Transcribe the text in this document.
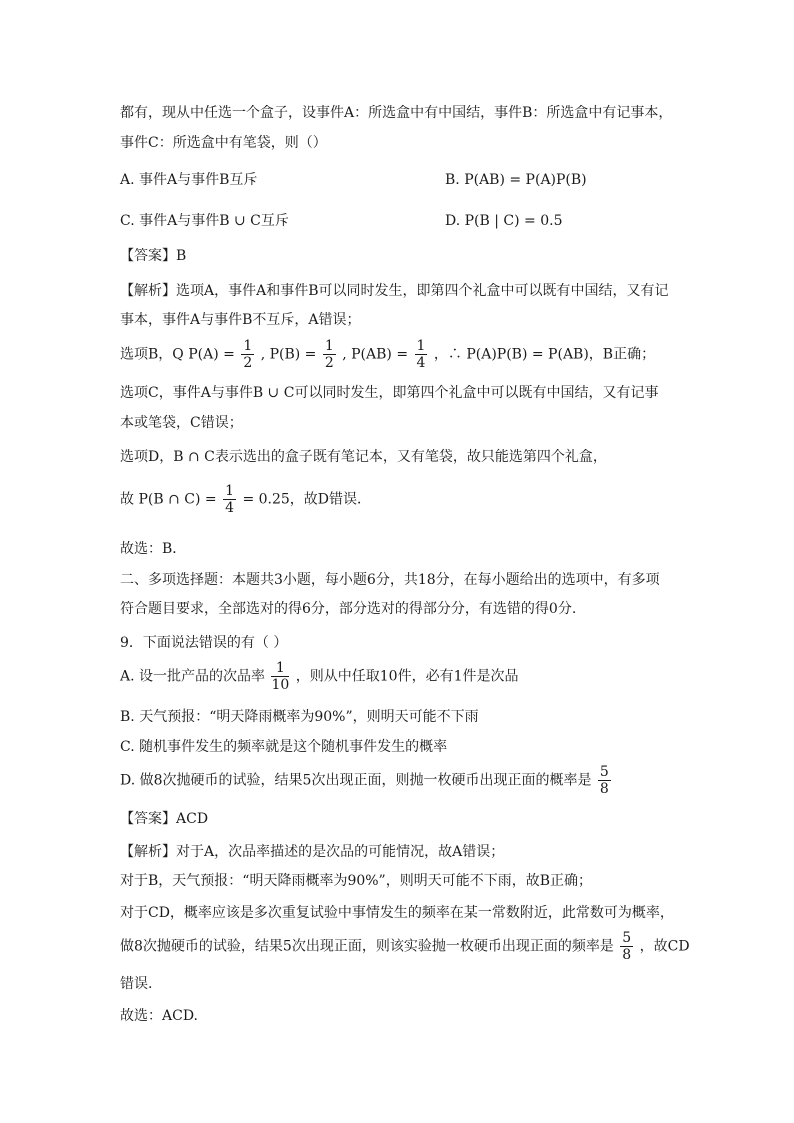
都有，现从中任选一个盒子，设事件A：所选盒中有中国结，事件B：所选盒中有记事本，
事件C：所选盒中有笔袋，则（）
A. 事件A与事件B互斥	B. P(AB) = P(A)P(B)
C. 事件A与事件B ∪ C互斥	D. P(B | C) = 0.5
【答案】B
【解析】选项A，事件A和事件B可以同时发生，即第四个礼盒中可以既有中国结，又有记
事本，事件A与事件B不互斥，A错误；
选项B，Q $P(A) = \frac{1}{2}$ , $P(B) = \frac{1}{2}$ , $P(AB) = \frac{1}{4}$ ，∴ P(A)P(B) = P(AB)，B正确；
选项C，事件A与事件B ∪ C可以同时发生，即第四个礼盒中可以既有中国结，又有记事
本或笔袋，C错误；
选项D，B ∩ C表示选出的盒子既有笔记本，又有笔袋，故只能选第四个礼盒，
故 P(B ∩ $C) = \frac{1}{4} = 0.25$，故D错误．
故选：B．
二、多项选择题：本题共3小题，每小题6分，共18分，在每小题给出的选项中，有多项
符合题目要求，全部选对的得6分，部分选对的得部分分，有选错的得0分.
9．下面说法错误的有（ ）
A. 设一批产品的次品率 $\frac{1}{10}$ ，则从中任取10件，必有1件是次品
B. 天气预报：“明天降雨概率为90%”，则明天可能不下雨
C. 随机事件发生的频率就是这个随机事件发生的概率
D. 做8次抛硬币的试验，结果5次出现正面，则抛一枚硬币出现正面的概率是 $\frac{5}{8}$
【答案】ACD
【解析】对于A，次品率描述的是次品的可能情况，故A错误；
对于B，天气预报：“明天降雨概率为90%”，则明天可能不下雨，故B正确；
对于CD，概率应该是多次重复试验中事情发生的频率在某一常数附近，此常数可为概率，
做8次抛硬币的试验，结果5次出现正面，则该实验抛一枚硬币出现正面的频率是 $\frac{5}{8}$ ，故CD
错误.
故选：ACD.
